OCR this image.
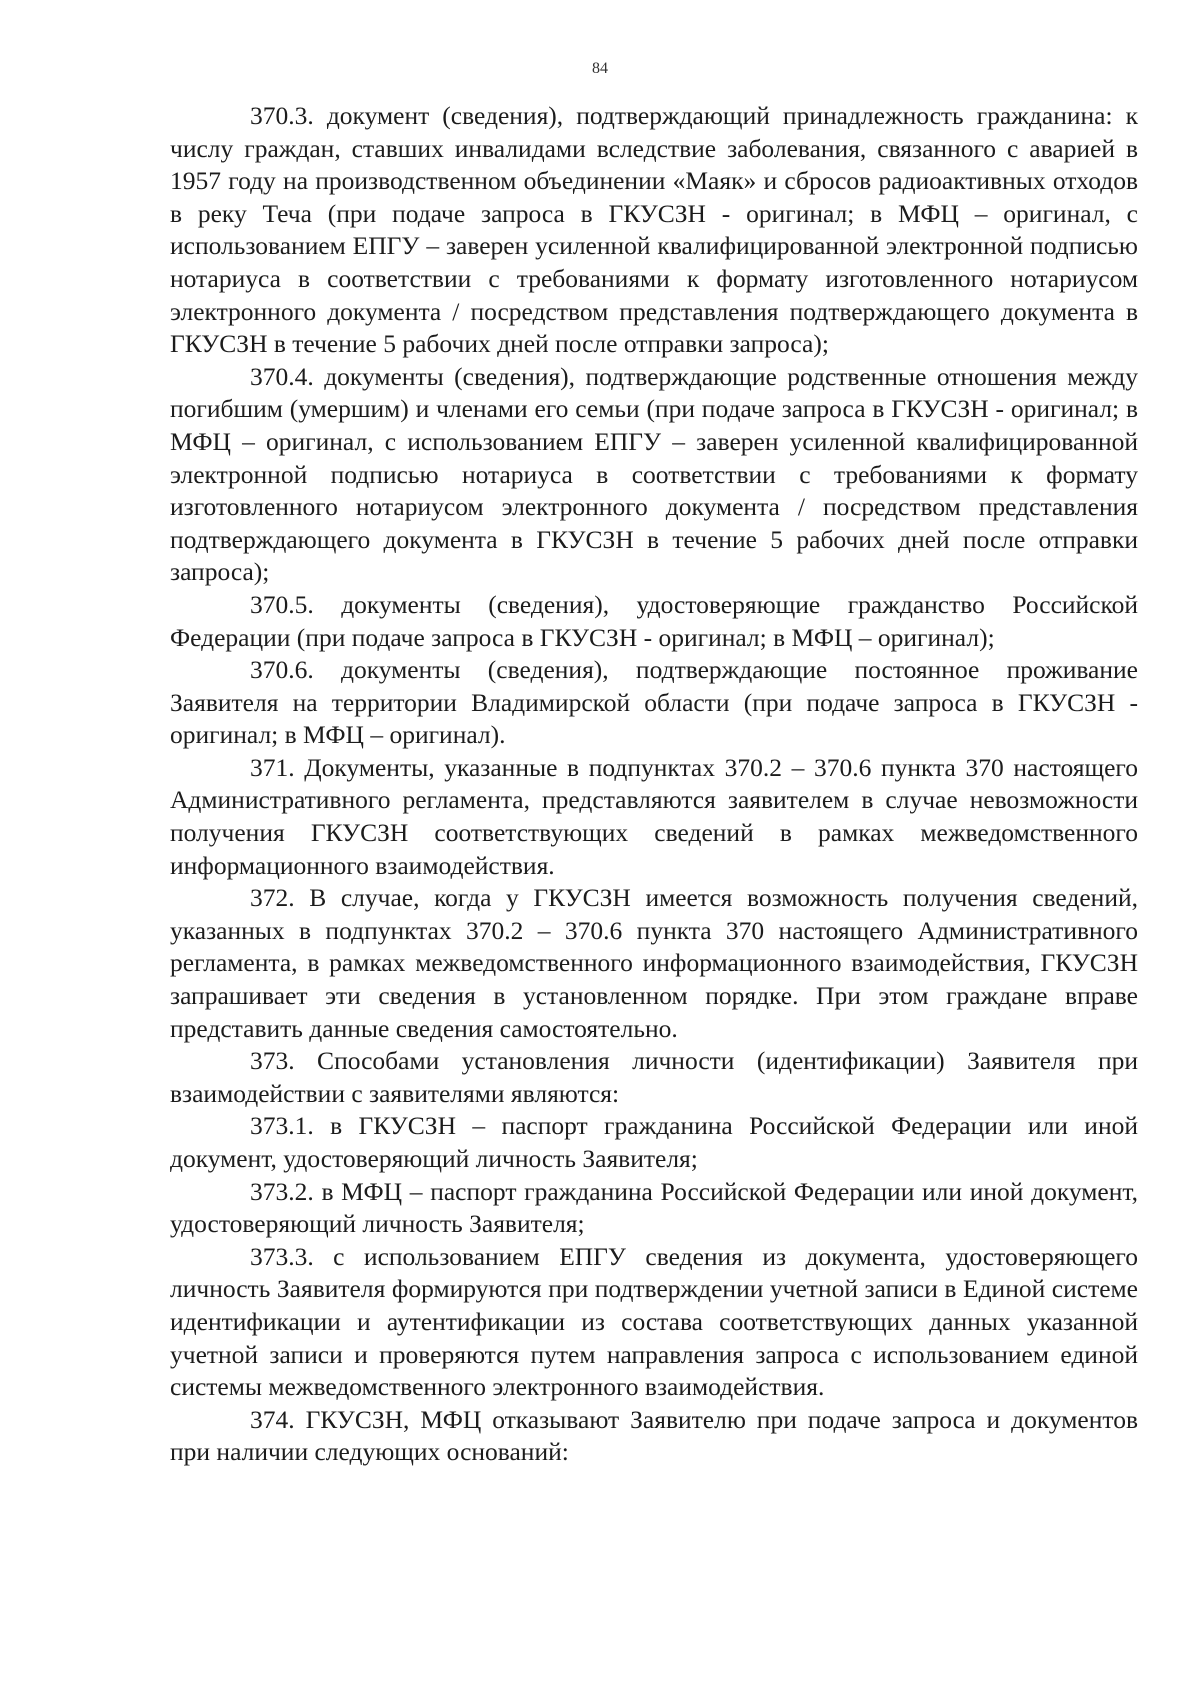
84

370.3. документ (сведения), подтверждающий принадлежность гражданина: к числу граждан, ставших инвалидами вследствие заболевания, связанного с аварией в 1957 году на производственном объединении «Маяк» и сбросов радиоактивных отходов в реку Теча (при подаче запроса в ГКУСЗН - оригинал; в МФЦ – оригинал, с использованием ЕПГУ – заверен усиленной квалифицированной электронной подписью нотариуса в соответствии с требованиями к формату изготовленного нотариусом электронного документа / посредством представления подтверждающего документа в ГКУСЗН в течение 5 рабочих дней после отправки запроса);

370.4. документы (сведения), подтверждающие родственные отношения между погибшим (умершим) и членами его семьи (при подаче запроса в ГКУСЗН - оригинал; в МФЦ – оригинал, с использованием ЕПГУ – заверен усиленной квалифицированной электронной подписью нотариуса в соответствии с требованиями к формату изготовленного нотариусом электронного документа / посредством представления подтверждающего документа в ГКУСЗН в течение 5 рабочих дней после отправки запроса);

370.5. документы (сведения), удостоверяющие гражданство Российской Федерации (при подаче запроса в ГКУСЗН - оригинал; в МФЦ – оригинал);

370.6. документы (сведения), подтверждающие постоянное проживание Заявителя на территории Владимирской области (при подаче запроса в ГКУСЗН - оригинал; в МФЦ – оригинал).

371. Документы, указанные в подпунктах 370.2 – 370.6 пункта 370 настоящего Административного регламента, представляются заявителем в случае невозможности получения ГКУСЗН соответствующих сведений в рамках межведомственного информационного взаимодействия.

372. В случае, когда у ГКУСЗН имеется возможность получения сведений, указанных в подпунктах 370.2 – 370.6 пункта 370 настоящего Административного регламента, в рамках межведомственного информационного взаимодействия, ГКУСЗН запрашивает эти сведения в установленном порядке. При этом граждане вправе представить данные сведения самостоятельно.

373. Способами установления личности (идентификации) Заявителя при взаимодействии с заявителями являются:

373.1. в ГКУСЗН – паспорт гражданина Российской Федерации или иной документ, удостоверяющий личность Заявителя;

373.2. в МФЦ – паспорт гражданина Российской Федерации или иной документ, удостоверяющий личность Заявителя;

373.3. с использованием ЕПГУ сведения из документа, удостоверяющего личность Заявителя формируются при подтверждении учетной записи в Единой системе идентификации и аутентификации из состава соответствующих данных указанной учетной записи и проверяются путем направления запроса с использованием единой системы межведомственного электронного взаимодействия.

374. ГКУСЗН, МФЦ отказывают Заявителю при подаче запроса и документов при наличии следующих оснований:
